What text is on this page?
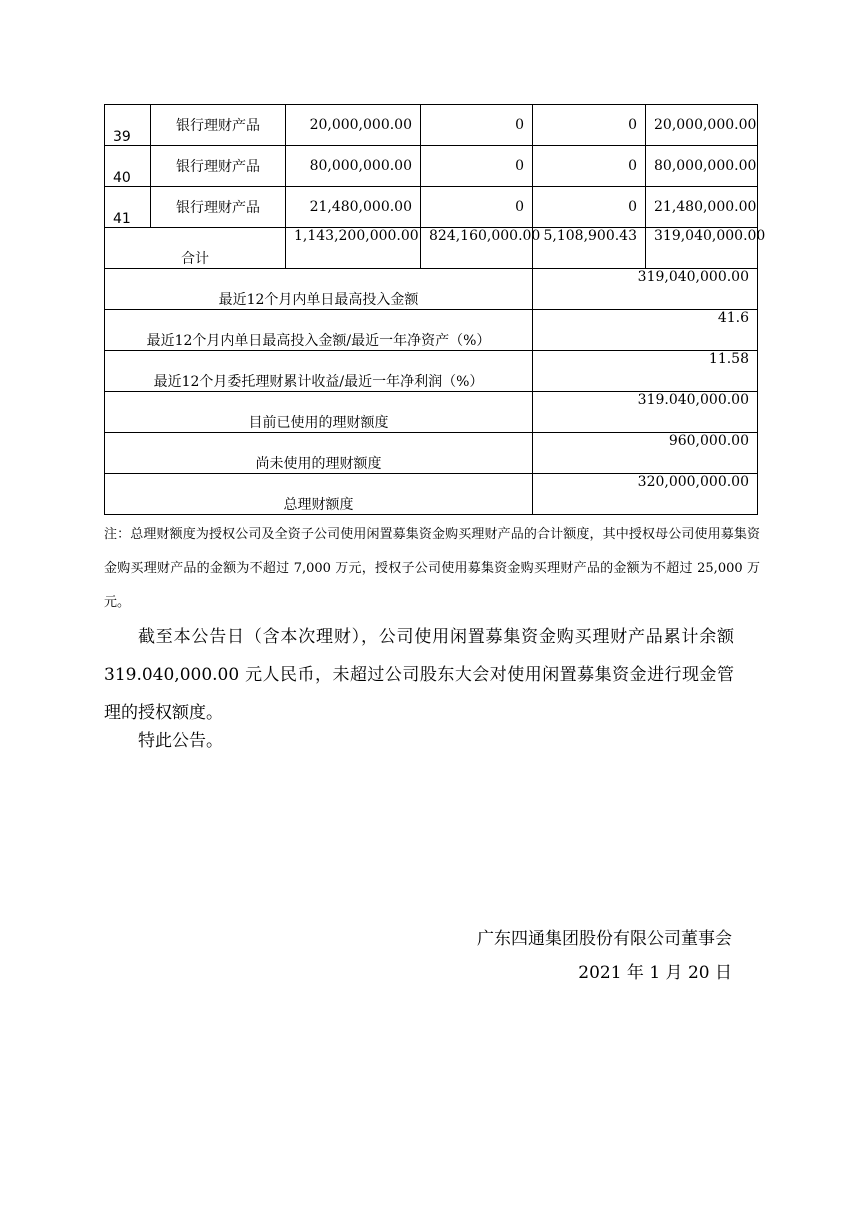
39	银行理财产品	20,000,000.00	0	0	20,000,000.00
40	银行理财产品	80,000,000.00	0	0	80,000,000.00
41	银行理财产品	21,480,000.00	0	0	21,480,000.00
合计		1,143,200,000.00	824,160,000.00	5,108,900.43	319,040,000.00
最近12个月内单日最高投入金额				319,040,000.00	
最近12个月内单日最高投入金额/最近一年净资产（%）				41.6	
最近12个月委托理财累计收益/最近一年净利润（%）				11.58	
目前已使用的理财额度				319.040,000.00	
尚未使用的理财额度				960,000.00	
总理财额度				320,000,000.00	

注：总理财额度为授权公司及全资子公司使用闲置募集资金购买理财产品的合计额度，其中授权母公司使用募集资金购买理财产品的金额为不超过 7,000 万元，授权子公司使用募集资金购买理财产品的金额为不超过 25,000 万元。

截至本公告日（含本次理财），公司使用闲置募集资金购买理财产品累计余额 319.040,000.00 元人民币，未超过公司股东大会对使用闲置募集资金进行现金管理的授权额度。

特此公告。

广东四通集团股份有限公司董事会

2021 年 1 月 20 日
